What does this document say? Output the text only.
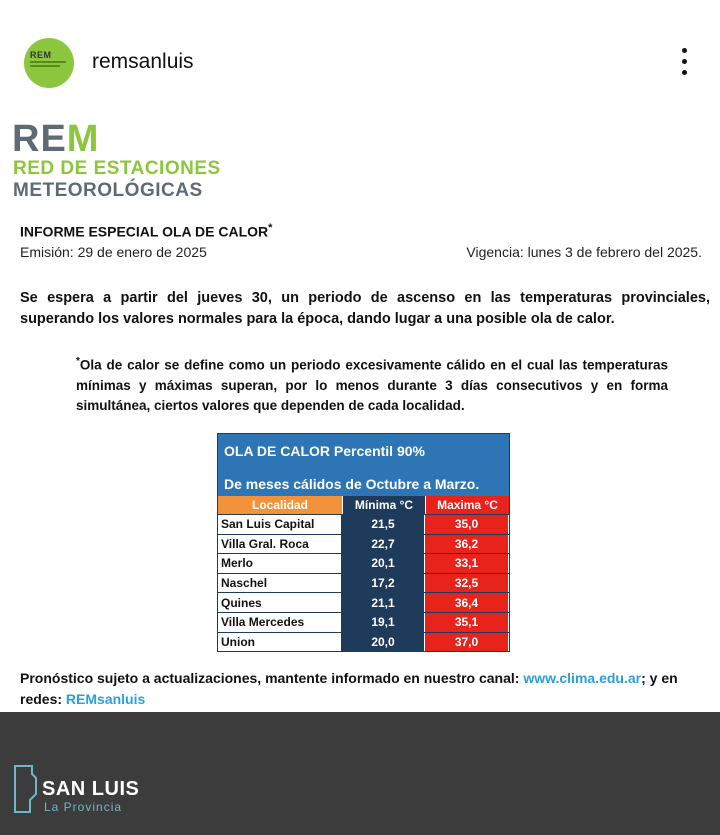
REM remsanluis
REM
RED DE ESTACIONES
METEOROLÓGICAS
INFORME ESPECIAL OLA DE CALOR*
Emisión: 29 de enero de 2025	Vigencia: lunes 3 de febrero del 2025.
Se espera a partir del jueves 30, un periodo de ascenso en las temperaturas provinciales, superando los valores normales para la época, dando lugar a una posible ola de calor.
*Ola de calor se define como un periodo excesivamente cálido en el cual las temperaturas mínimas y máximas superan, por lo menos durante 3 días consecutivos y en forma simultánea, ciertos valores que dependen de cada localidad.
OLA DE CALOR Percentil 90%
De meses cálidos de Octubre a Marzo.
Localidad	Mínima °C	Maxima °C
San Luis Capital	21,5	35,0
Villa Gral. Roca	22,7	36,2
Merlo	20,1	33,1
Naschel	17,2	32,5
Quines	21,1	36,4
Villa Mercedes	19,1	35,1
Union	20,0	37,0
Pronóstico sujeto a actualizaciones, mantente informado en nuestro canal: www.clima.edu.ar; y en redes: REMsanluis
SAN LUIS
La Provincia
